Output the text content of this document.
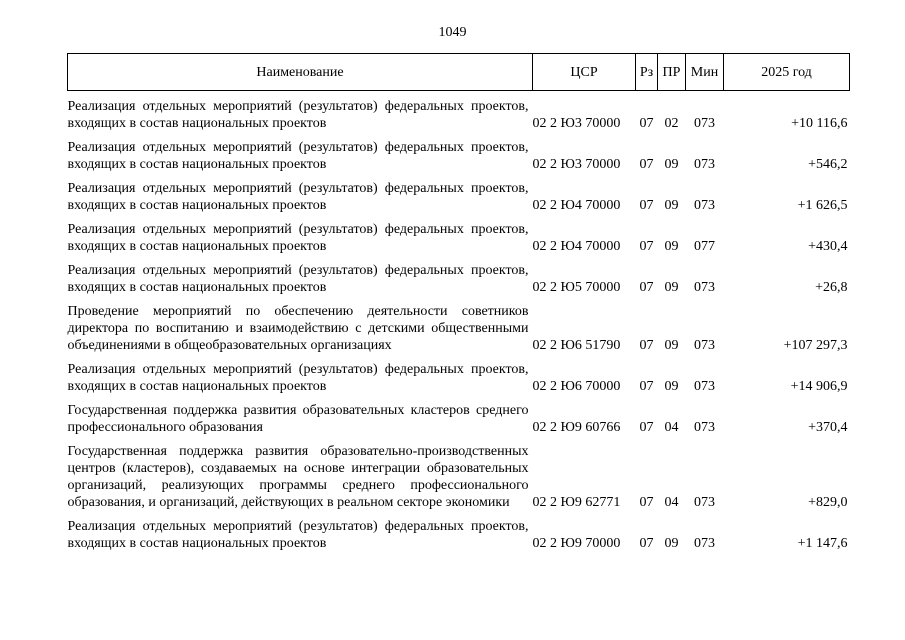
1049
Наименование	ЦСР	Рз	ПР	Мин	2025 год
Реализация отдельных мероприятий (результатов) федеральных проектов, входящих в состав национальных проектов	02 2 Ю3 70000	07	02	073	+10 116,6
Реализация отдельных мероприятий (результатов) федеральных проектов, входящих в состав национальных проектов	02 2 Ю3 70000	07	09	073	+546,2
Реализация отдельных мероприятий (результатов) федеральных проектов, входящих в состав национальных проектов	02 2 Ю4 70000	07	09	073	+1 626,5
Реализация отдельных мероприятий (результатов) федеральных проектов, входящих в состав национальных проектов	02 2 Ю4 70000	07	09	077	+430,4
Реализация отдельных мероприятий (результатов) федеральных проектов, входящих в состав национальных проектов	02 2 Ю5 70000	07	09	073	+26,8
Проведение мероприятий по обеспечению деятельности советников директора по воспитанию и взаимодействию с детскими общественными объединениями в общеобразовательных организациях	02 2 Ю6 51790	07	09	073	+107 297,3
Реализация отдельных мероприятий (результатов) федеральных проектов, входящих в состав национальных проектов	02 2 Ю6 70000	07	09	073	+14 906,9
Государственная поддержка развития образовательных кластеров среднего профессионального образования	02 2 Ю9 60766	07	04	073	+370,4
Государственная поддержка развития образовательно-производственных центров (кластеров), создаваемых на основе интеграции образовательных организаций, реализующих программы среднего профессионального образования, и организаций, действующих в реальном секторе экономики	02 2 Ю9 62771	07	04	073	+829,0
Реализация отдельных мероприятий (результатов) федеральных проектов, входящих в состав национальных проектов	02 2 Ю9 70000	07	09	073	+1 147,6
